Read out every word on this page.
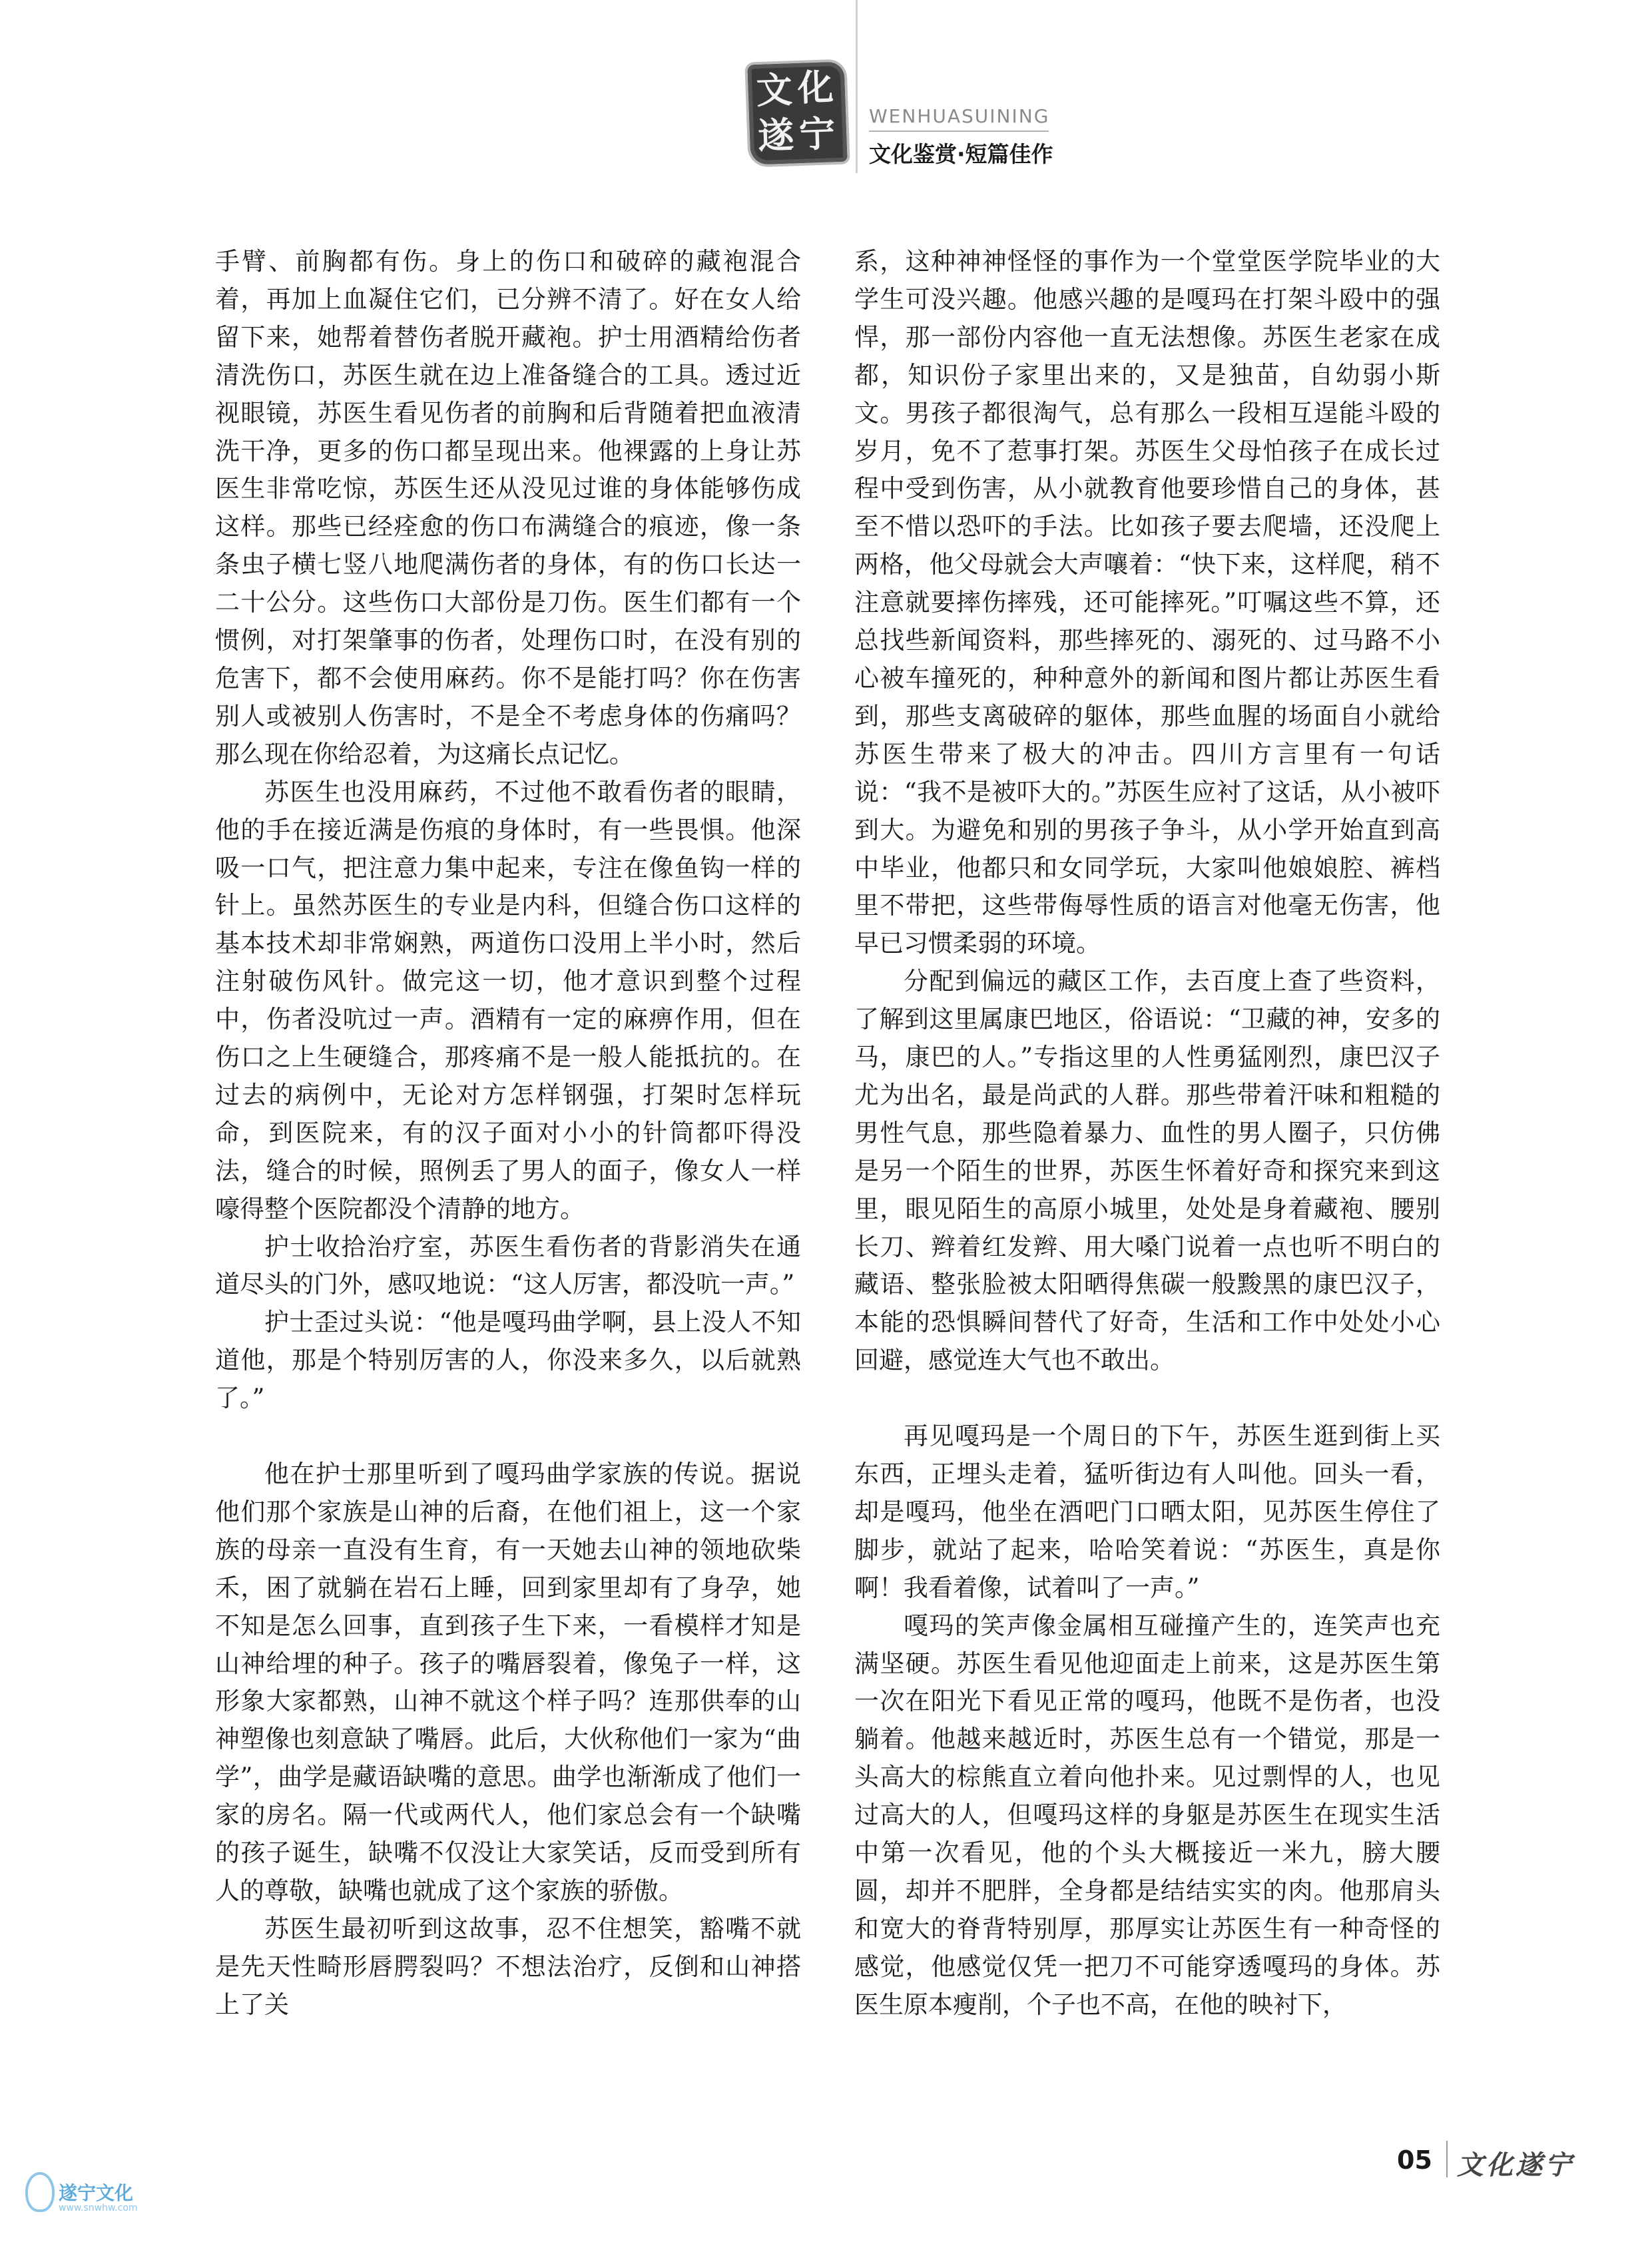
文 化
遂 宁 WENHUASUINING
文化鉴赏·短篇佳作

手臂、前胸都有伤。身上的伤口和破碎的藏袍混合着，再加上血凝住它们，已分辨不清了。好在女人给留下来，她帮着替伤者脱开藏袍。护士用酒精给伤者清洗伤口，苏医生就在边上准备缝合的工具。透过近视眼镜，苏医生看见伤者的前胸和后背随着把血液清洗干净，更多的伤口都呈现出来。他裸露的上身让苏医生非常吃惊，苏医生还从没见过谁的身体能够伤成这样。那些已经痊愈的伤口布满缝合的痕迹，像一条条虫子横七竖八地爬满伤者的身体，有的伤口长达一二十公分。这些伤口大部份是刀伤。医生们都有一个惯例，对打架肇事的伤者，处理伤口时，在没有别的危害下，都不会使用麻药。你不是能打吗？你在伤害别人或被别人伤害时，不是全不考虑身体的伤痛吗？那么现在你给忍着，为这痛长点记忆。

苏医生也没用麻药，不过他不敢看伤者的眼睛，他的手在接近满是伤痕的身体时，有一些畏惧。他深吸一口气，把注意力集中起来，专注在像鱼钩一样的针上。虽然苏医生的专业是内科，但缝合伤口这样的基本技术却非常娴熟，两道伤口没用上半小时，然后注射破伤风针。做完这一切，他才意识到整个过程中，伤者没吭过一声。酒精有一定的麻痹作用，但在伤口之上生硬缝合，那疼痛不是一般人能抵抗的。在过去的病例中，无论对方怎样钢强，打架时怎样玩命，到医院来，有的汉子面对小小的针筒都吓得没法，缝合的时候，照例丢了男人的面子，像女人一样嚎得整个医院都没个清静的地方。

护士收拾治疗室，苏医生看伤者的背影消失在通道尽头的门外，感叹地说：“这人厉害，都没吭一声。”

护士歪过头说：“他是嘎玛曲学啊，县上没人不知道他，那是个特别厉害的人，你没来多久，以后就熟了。”

他在护士那里听到了嘎玛曲学家族的传说。据说他们那个家族是山神的后裔，在他们祖上，这一个家族的母亲一直没有生育，有一天她去山神的领地砍柴禾，困了就躺在岩石上睡，回到家里却有了身孕，她不知是怎么回事，直到孩子生下来，一看模样才知是山神给埋的种子。孩子的嘴唇裂着，像兔子一样，这形象大家都熟，山神不就这个样子吗？连那供奉的山神塑像也刻意缺了嘴唇。此后，大伙称他们一家为“曲学”，曲学是藏语缺嘴的意思。曲学也渐渐成了他们一家的房名。隔一代或两代人，他们家总会有一个缺嘴的孩子诞生，缺嘴不仅没让大家笑话，反而受到所有人的尊敬，缺嘴也就成了这个家族的骄傲。

苏医生最初听到这故事，忍不住想笑，豁嘴不就是先天性畸形唇腭裂吗？不想法治疗，反倒和山神搭上了关

系，这种神神怪怪的事作为一个堂堂医学院毕业的大学生可没兴趣。他感兴趣的是嘎玛在打架斗殴中的强悍，那一部份内容他一直无法想像。苏医生老家在成都，知识份子家里出来的，又是独苗，自幼弱小斯文。男孩子都很淘气，总有那么一段相互逞能斗殴的岁月，免不了惹事打架。苏医生父母怕孩子在成长过程中受到伤害，从小就教育他要珍惜自己的身体，甚至不惜以恐吓的手法。比如孩子要去爬墙，还没爬上两格，他父母就会大声嚷着：“快下来，这样爬，稍不注意就要摔伤摔残，还可能摔死。”叮嘱这些不算，还总找些新闻资料，那些摔死的、溺死的、过马路不小心被车撞死的，种种意外的新闻和图片都让苏医生看到，那些支离破碎的躯体，那些血腥的场面自小就给苏医生带来了极大的冲击。四川方言里有一句话说：“我不是被吓大的。”苏医生应衬了这话，从小被吓到大。为避免和别的男孩子争斗，从小学开始直到高中毕业，他都只和女同学玩，大家叫他娘娘腔、裤档里不带把，这些带侮辱性质的语言对他毫无伤害，他早已习惯柔弱的环境。

分配到偏远的藏区工作，去百度上查了些资料，了解到这里属康巴地区，俗语说：“卫藏的神，安多的马，康巴的人。”专指这里的人性勇猛刚烈，康巴汉子尤为出名，最是尚武的人群。那些带着汗味和粗糙的男性气息，那些隐着暴力、血性的男人圈子，只仿佛是另一个陌生的世界，苏医生怀着好奇和探究来到这里，眼见陌生的高原小城里，处处是身着藏袍、腰别长刀、辫着红发辫、用大嗓门说着一点也听不明白的藏语、整张脸被太阳晒得焦碳一般黢黑的康巴汉子，本能的恐惧瞬间替代了好奇，生活和工作中处处小心回避，感觉连大气也不敢出。

再见嘎玛是一个周日的下午，苏医生逛到街上买东西，正埋头走着，猛听街边有人叫他。回头一看，却是嘎玛，他坐在酒吧门口晒太阳，见苏医生停住了脚步，就站了起来，哈哈笑着说：“苏医生，真是你啊！我看着像，试着叫了一声。”

嘎玛的笑声像金属相互碰撞产生的，连笑声也充满坚硬。苏医生看见他迎面走上前来，这是苏医生第一次在阳光下看见正常的嘎玛，他既不是伤者，也没躺着。他越来越近时，苏医生总有一个错觉，那是一头高大的棕熊直立着向他扑来。见过剽悍的人，也见过高大的人，但嘎玛这样的身躯是苏医生在现实生活中第一次看见，他的个头大概接近一米九，膀大腰圆，却并不肥胖，全身都是结结实实的肉。他那肩头和宽大的脊背特别厚，那厚实让苏医生有一种奇怪的感觉，他感觉仅凭一把刀不可能穿透嘎玛的身体。苏医生原本瘦削，个子也不高，在他的映衬下，

05 文化遂宁
遂宁文化
www.snwhw.com
